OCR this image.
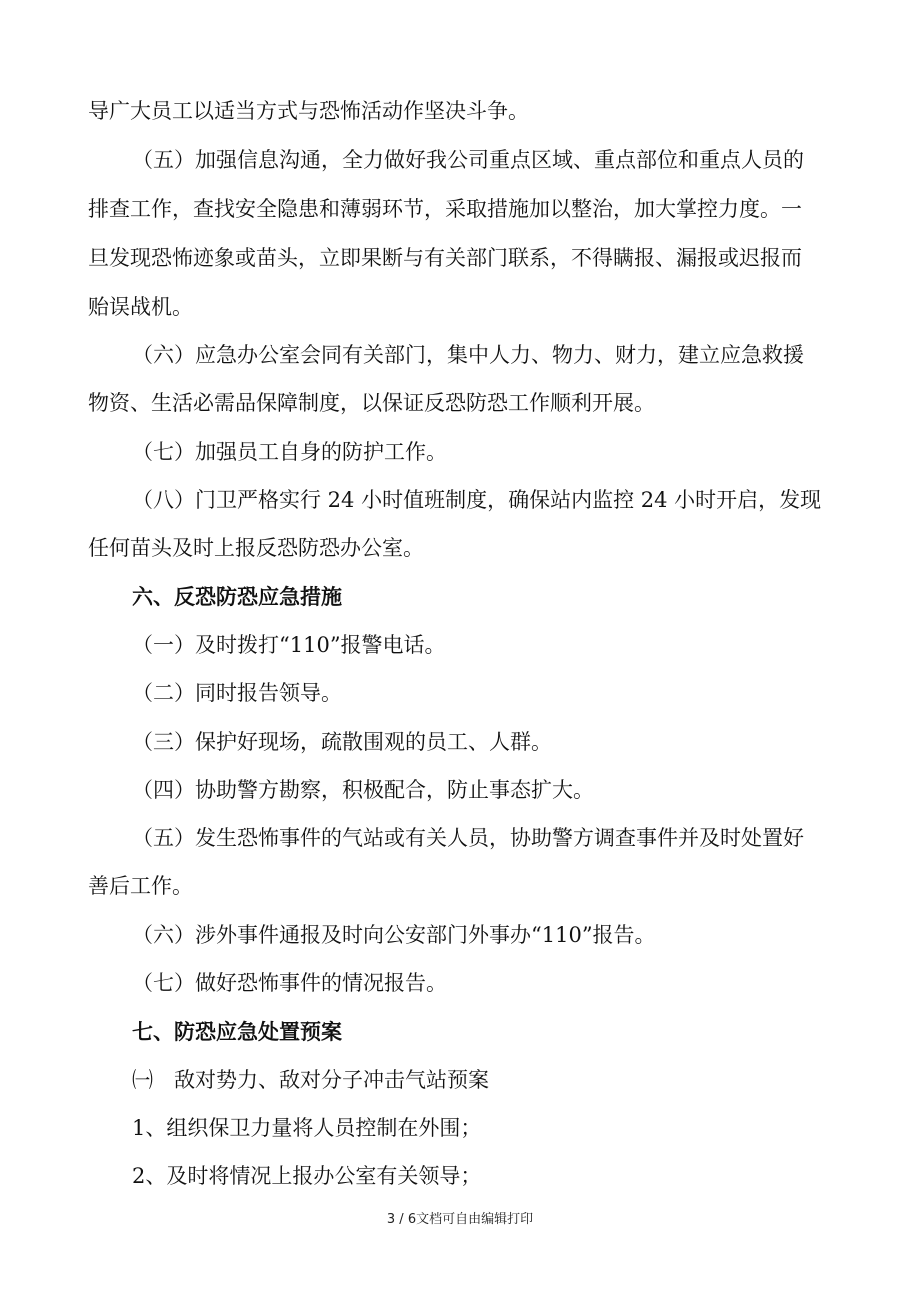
导广大员工以适当方式与恐怖活动作坚决斗争。
（五）加强信息沟通，全力做好我公司重点区域、重点部位和重点人员的
排查工作，查找安全隐患和薄弱环节，采取措施加以整治，加大掌控力度。一
旦发现恐怖迹象或苗头，立即果断与有关部门联系，不得瞒报、漏报或迟报而
贻误战机。
（六）应急办公室会同有关部门，集中人力、物力、财力，建立应急救援
物资、生活必需品保障制度，以保证反恐防恐工作顺利开展。
（七）加强员工自身的防护工作。
（八）门卫严格实行 24 小时值班制度，确保站内监控 24 小时开启，发现
任何苗头及时上报反恐防恐办公室。
六、反恐防恐应急措施
（一）及时拨打“110”报警电话。
（二）同时报告领导。
（三）保护好现场，疏散围观的员工、人群。
（四）协助警方勘察，积极配合，防止事态扩大。
（五）发生恐怖事件的气站或有关人员，协助警方调查事件并及时处置好
善后工作。
（六）涉外事件通报及时向公安部门外事办“110”报告。
（七）做好恐怖事件的情况报告。
七、防恐应急处置预案
㈠　敌对势力、敌对分子冲击气站预案
1、组织保卫力量将人员控制在外围；
2、及时将情况上报办公室有关领导；
3 / 6文档可自由编辑打印
